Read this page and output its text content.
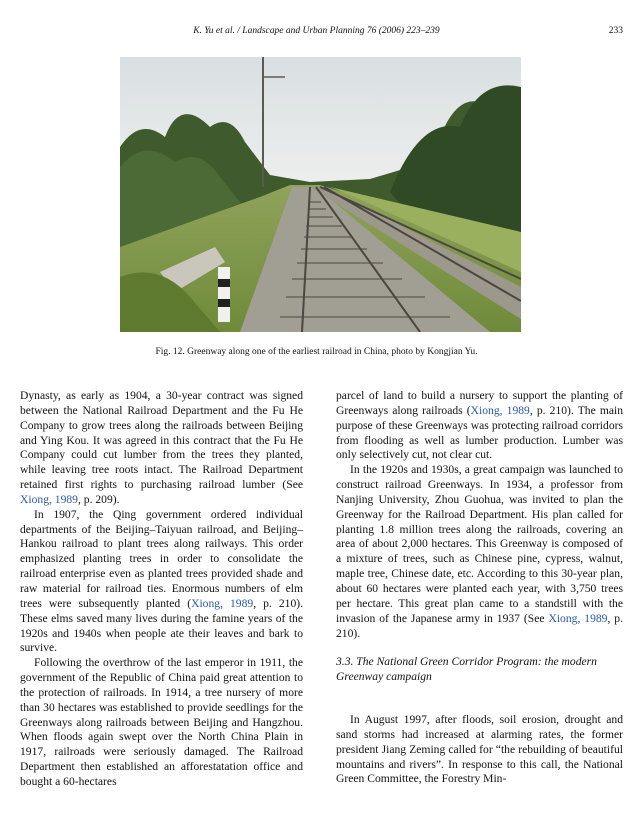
K. Yu et al. / Landscape and Urban Planning 76 (2006) 223–239	233
Fig. 12. Greenway along one of the earliest railroad in China, photo by Kongjian Yu.

Dynasty, as early as 1904, a 30-year contract was signed between the National Railroad Department and the Fu He Company to grow trees along the railroads between Beijing and Ying Kou. It was agreed in this contract that the Fu He Company could cut lumber from the trees they planted, while leaving tree roots intact. The Railroad Department retained first rights to purchasing railroad lumber (See Xiong, 1989, p. 209).

In 1907, the Qing government ordered individual departments of the Beijing–Taiyuan railroad, and Beijing–Hankou railroad to plant trees along railways. This order emphasized planting trees in order to consolidate the railroad enterprise even as planted trees provided shade and raw material for railroad ties. Enormous numbers of elm trees were subsequently planted (Xiong, 1989, p. 210). These elms saved many lives during the famine years of the 1920s and 1940s when people ate their leaves and bark to survive.

Following the overthrow of the last emperor in 1911, the government of the Republic of China paid great attention to the protection of railroads. In 1914, a tree nursery of more than 30 hectares was established to provide seedlings for the Greenways along railroads between Beijing and Hangzhou. When floods again swept over the North China Plain in 1917, railroads were seriously damaged. The Railroad Department then established an afforestatation office and bought a 60-hectares

parcel of land to build a nursery to support the planting of Greenways along railroads (Xiong, 1989, p. 210). The main purpose of these Greenways was protecting railroad corridors from flooding as well as lumber production. Lumber was only selectively cut, not clear cut.

In the 1920s and 1930s, a great campaign was launched to construct railroad Greenways. In 1934, a professor from Nanjing University, Zhou Guohua, was invited to plan the Greenway for the Railroad Department. His plan called for planting 1.8 million trees along the railroads, covering an area of about 2,000 hectares. This Greenway is composed of a mixture of trees, such as Chinese pine, cypress, walnut, maple tree, Chinese date, etc. According to this 30-year plan, about 60 hectares were planted each year, with 3,750 trees per hectare. This great plan came to a standstill with the invasion of the Japanese army in 1937 (See Xiong, 1989, p. 210).

3.3. The National Green Corridor Program: the modern Greenway campaign

In August 1997, after floods, soil erosion, drought and sand storms had increased at alarming rates, the former president Jiang Zeming called for “the rebuilding of beautiful mountains and rivers”. In response to this call, the National Green Committee, the Forestry Min-
